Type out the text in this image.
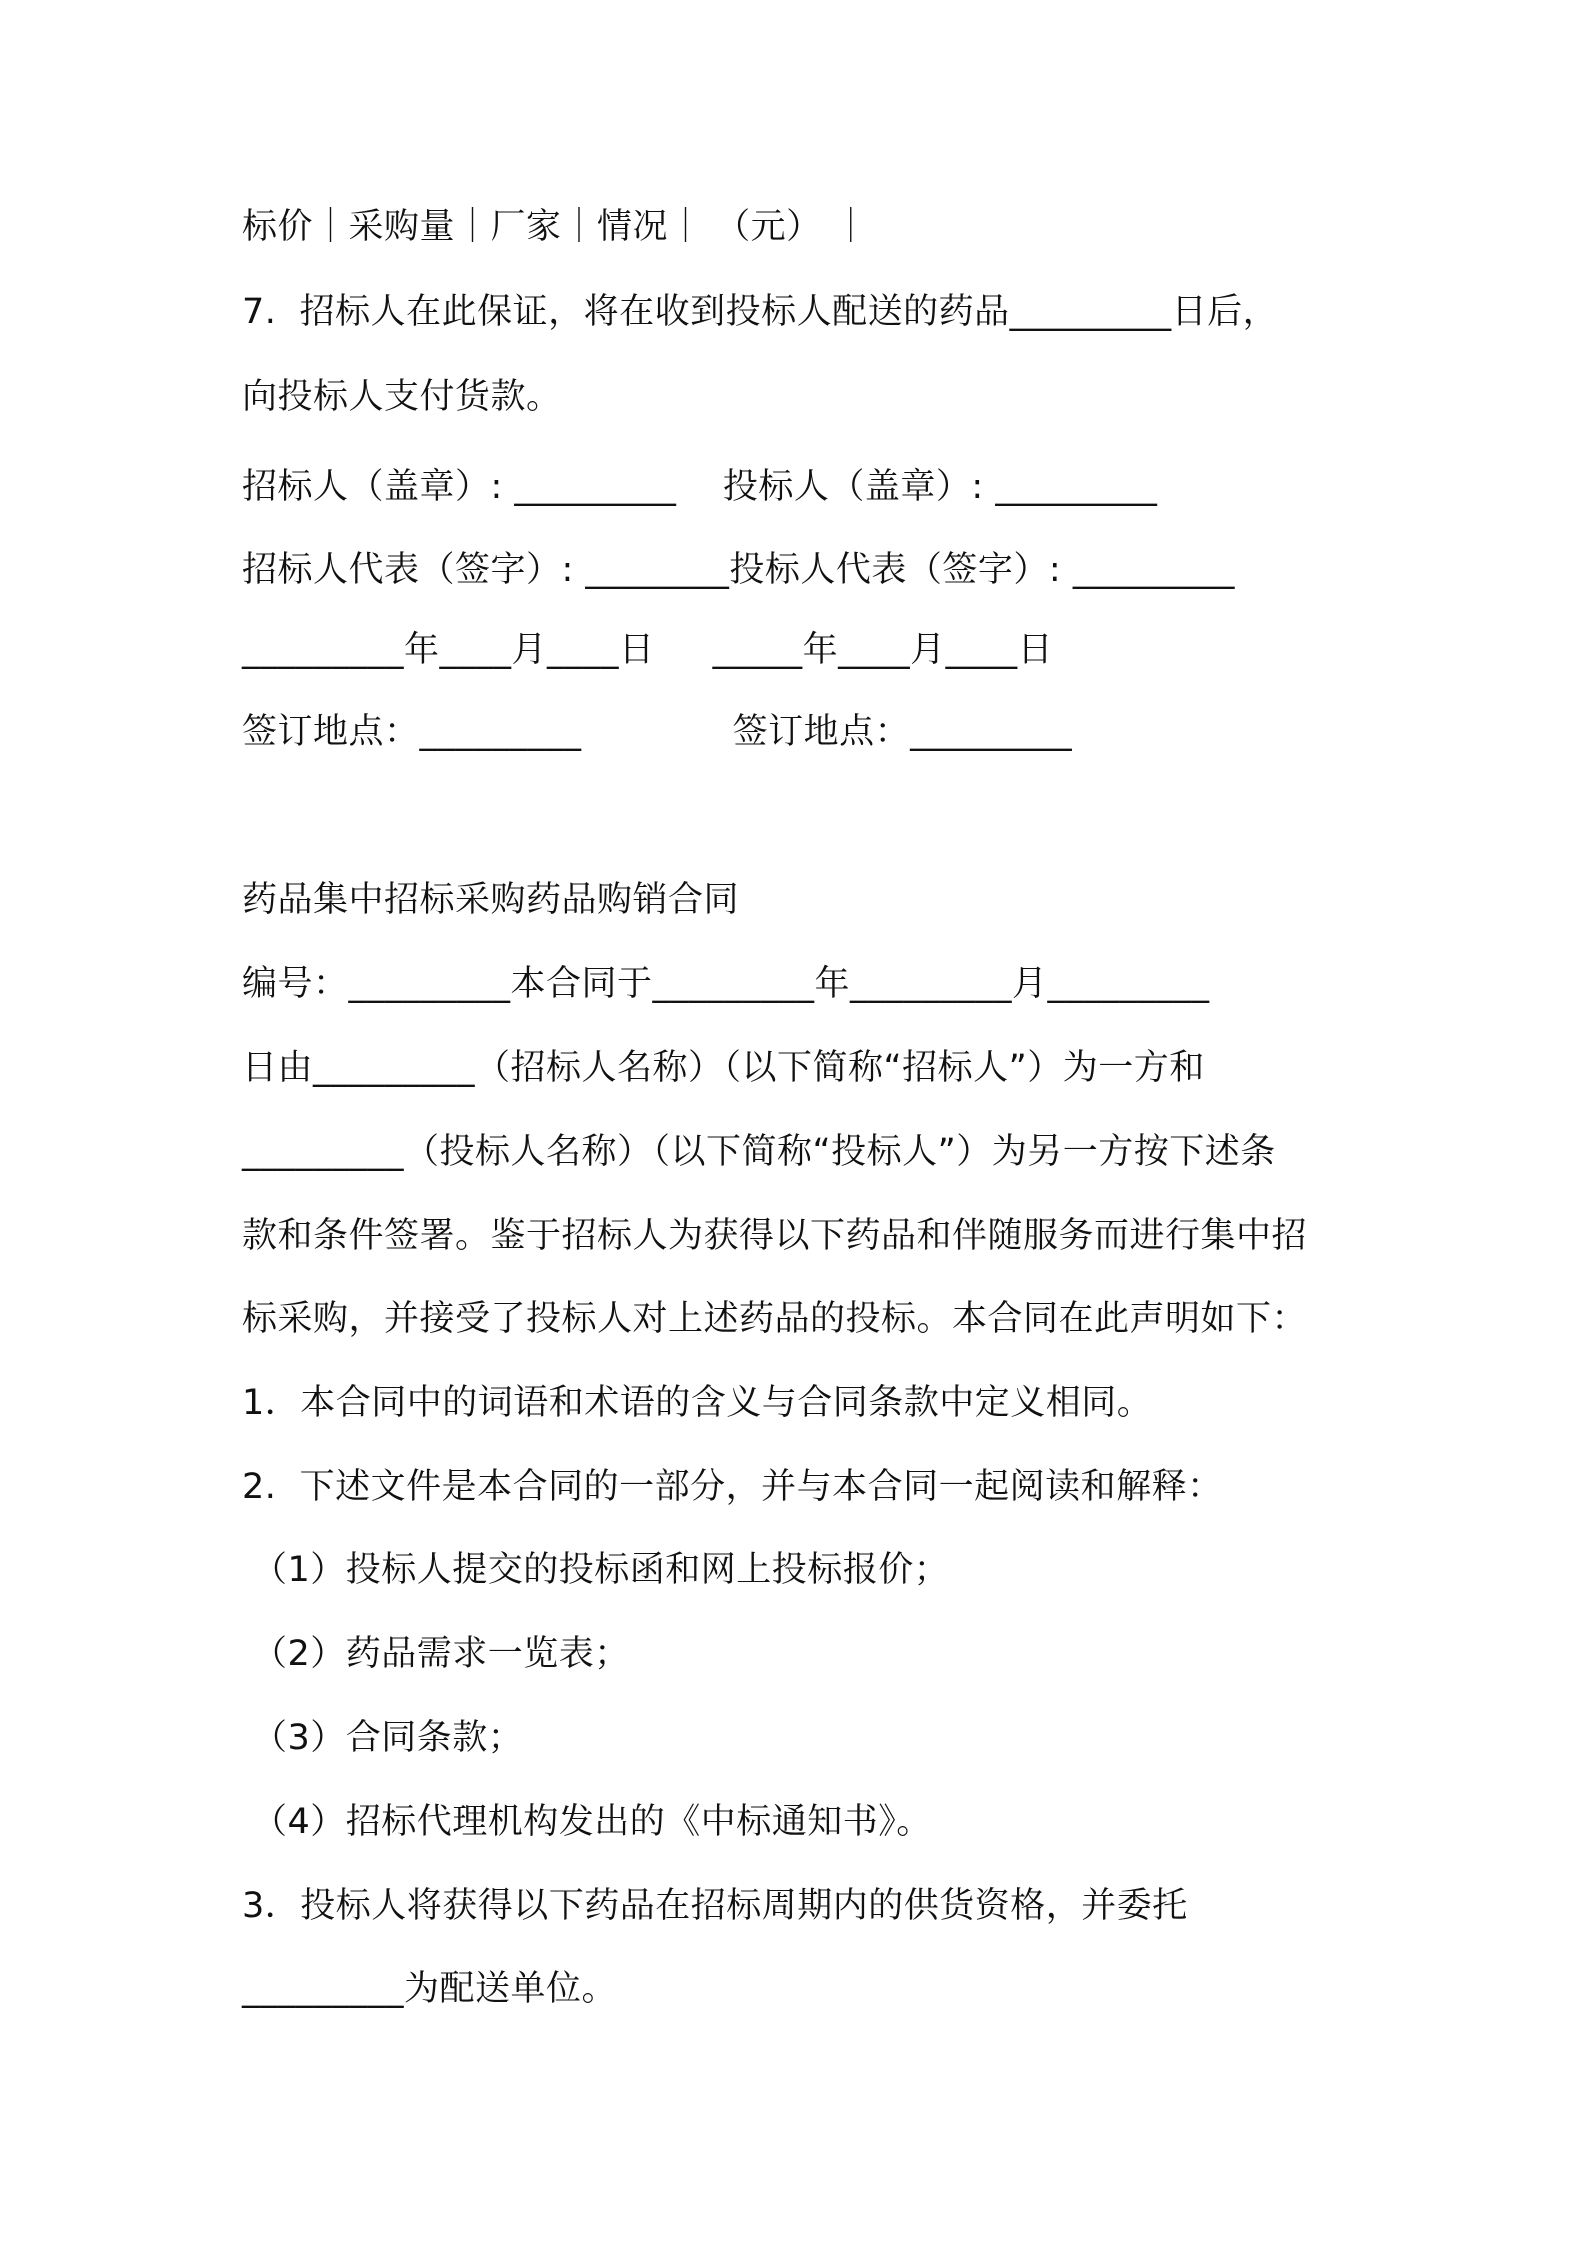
标价｜采购量｜厂家｜情况｜ （元） ｜
7.  招标人在此保证，将在收到投标人配送的药品_________日后，
向投标人支付货款。
招标人（盖章）: _________    投标人（盖章）: _________
招标人代表（签字）: ________投标人代表（签字）: _________
_________年____月____日     _____年____月____日
签订地点：_________             签订地点：_________
药品集中招标采购药品购销合同
编号：_________本合同于_________年_________月_________
日由_________（招标人名称）（以下简称“招标人”）为一方和
_________（投标人名称）（以下简称“投标人”）为另一方按下述条
款和条件签署。鉴于招标人为获得以下药品和伴随服务而进行集中招
标采购，并接受了投标人对上述药品的投标。本合同在此声明如下：
1．本合同中的词语和术语的含义与合同条款中定义相同。
2.  下述文件是本合同的一部分，并与本合同一起阅读和解释：
（1）投标人提交的投标函和网上投标报价；
（2）药品需求一览表；
（3）合同条款；
（4）招标代理机构发出的《中标通知书》。
3．投标人将获得以下药品在招标周期内的供货资格，并委托
_________为配送单位。
